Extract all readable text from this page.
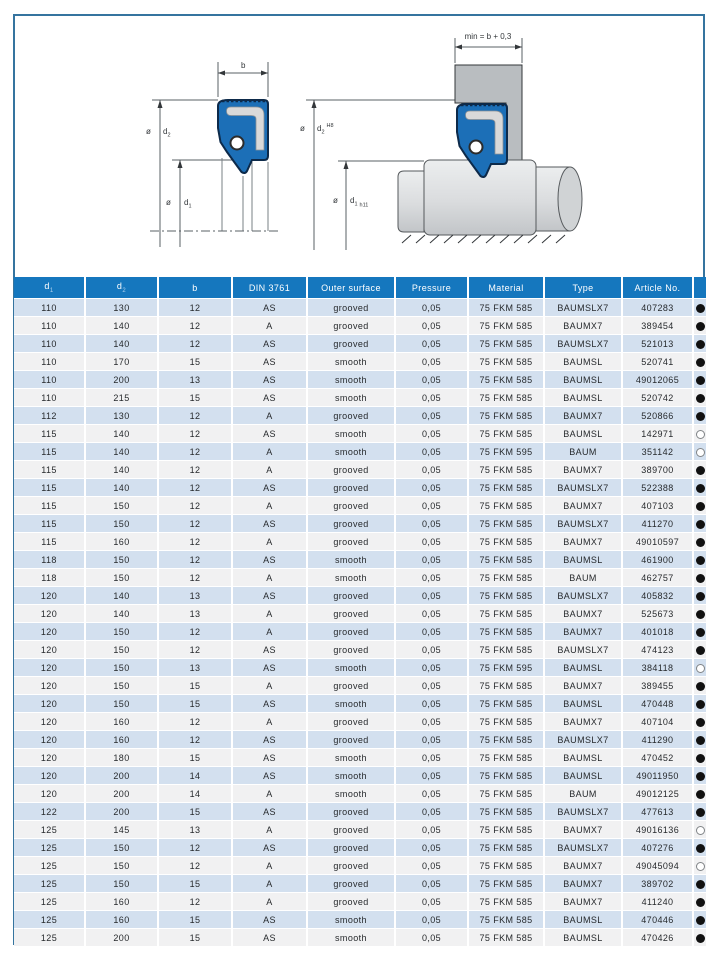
b
ø $d_2$
ø $d_1$
min = b + 0,3
ø $d_2^{H8}$
ø $d_1$ h11
$d_1$	$d_2$	b	DIN 3761	Outer surface	Pressure	Material	Type	Article No.	
110	130	12	AS	grooved	0,05	75 FKM 585	BAUMSLX7	407283	
110	140	12	A	grooved	0,05	75 FKM 585	BAUMX7	389454	
110	140	12	AS	grooved	0,05	75 FKM 585	BAUMSLX7	521013	
110	170	15	AS	smooth	0,05	75 FKM 585	BAUMSL	520741	
110	200	13	AS	smooth	0,05	75 FKM 585	BAUMSL	49012065	
110	215	15	AS	smooth	0,05	75 FKM 585	BAUMSL	520742	
112	130	12	A	grooved	0,05	75 FKM 585	BAUMX7	520866	
115	140	12	AS	smooth	0,05	75 FKM 585	BAUMSL	142971	
115	140	12	A	smooth	0,05	75 FKM 595	BAUM	351142	
115	140	12	A	grooved	0,05	75 FKM 585	BAUMX7	389700	
115	140	12	AS	grooved	0,05	75 FKM 585	BAUMSLX7	522388	
115	150	12	A	grooved	0,05	75 FKM 585	BAUMX7	407103	
115	150	12	AS	grooved	0,05	75 FKM 585	BAUMSLX7	411270	
115	160	12	A	grooved	0,05	75 FKM 585	BAUMX7	49010597	
118	150	12	AS	smooth	0,05	75 FKM 585	BAUMSL	461900	
118	150	12	A	smooth	0,05	75 FKM 585	BAUM	462757	
120	140	13	AS	grooved	0,05	75 FKM 585	BAUMSLX7	405832	
120	140	13	A	grooved	0,05	75 FKM 585	BAUMX7	525673	
120	150	12	A	grooved	0,05	75 FKM 585	BAUMX7	401018	
120	150	12	AS	grooved	0,05	75 FKM 585	BAUMSLX7	474123	
120	150	13	AS	smooth	0,05	75 FKM 595	BAUMSL	384118	
120	150	15	A	grooved	0,05	75 FKM 585	BAUMX7	389455	
120	150	15	AS	smooth	0,05	75 FKM 585	BAUMSL	470448	
120	160	12	A	grooved	0,05	75 FKM 585	BAUMX7	407104	
120	160	12	AS	grooved	0,05	75 FKM 585	BAUMSLX7	411290	
120	180	15	AS	smooth	0,05	75 FKM 585	BAUMSL	470452	
120	200	14	AS	smooth	0,05	75 FKM 585	BAUMSL	49011950	
120	200	14	A	smooth	0,05	75 FKM 585	BAUM	49012125	
122	200	15	AS	grooved	0,05	75 FKM 585	BAUMSLX7	477613	
125	145	13	A	grooved	0,05	75 FKM 585	BAUMX7	49016136	
125	150	12	AS	grooved	0,05	75 FKM 585	BAUMSLX7	407276	
125	150	12	A	grooved	0,05	75 FKM 585	BAUMX7	49045094	
125	150	15	A	grooved	0,05	75 FKM 585	BAUMX7	389702	
125	160	12	A	grooved	0,05	75 FKM 585	BAUMX7	411240	
125	160	15	AS	smooth	0,05	75 FKM 585	BAUMSL	470446	
125	200	15	AS	smooth	0,05	75 FKM 585	BAUMSL	470426	
